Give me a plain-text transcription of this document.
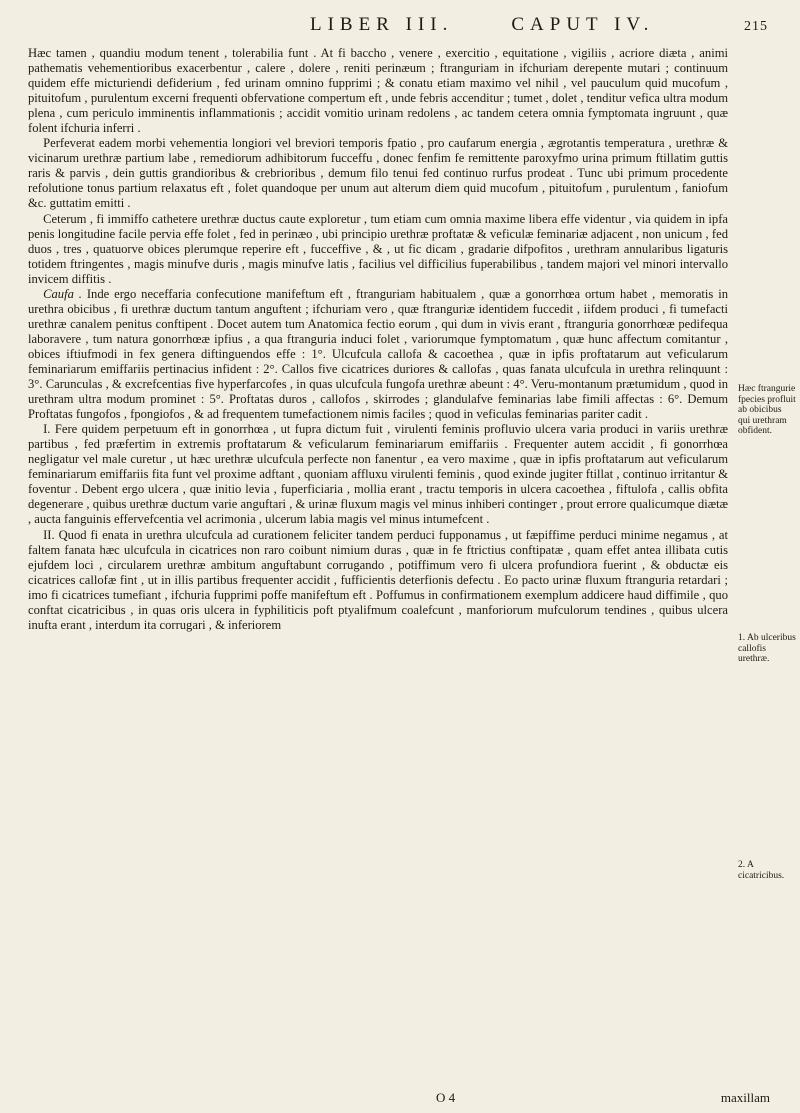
LIBER III.	CAPUT IV.	215

Hæc tamen , quandiu modum tenent , tolerabilia funt . At fi baccho , venere , exercitio , equitatione , vigiliis , acriore diæta , animi pathematis vehementioribus exacerbentur , calere , dolere , reniti perinæum ; ftranguriam in ifchuriam derepente mutari ; continuum quidem effe micturiendi defiderium , fed urinam omnino fupprimi ; & conatu etiam maximo vel nihil , vel pauculum quid mucofum , pituitofum , purulentum excerni frequenti obfervatione compertum eft , unde febris accenditur ; tumet , dolet , tenditur vefica ultra modum plena , cum periculo imminentis inflammationis ; accidit vomitio urinam redolens , ac tandem cetera omnia fymptomata ingruunt , quæ folent ifchuria inferri .

Perfeverat eadem morbi vehementia longiori vel breviori temporis fpatio , pro caufarum energia , ægrotantis temperatura , urethræ & vicinarum urethræ partium labe , remediorum adhibitorum fucceffu , donec fenfim fe remittente paroxyfmo urina primum ftillatim guttis raris & parvis , dein guttis grandioribus & crebrioribus , demum filo tenui fed continuo rurfus prodeat . Tunc ubi primum procedente refolutione tonus partium relaxatus eft , folet quandoque per unum aut alterum diem quid mucofum , pituitofum , purulentum , faniofum &c. guttatim emitti .

Ceterum , fi immiffo cathetere urethræ ductus caute exploretur , tum etiam cum omnia maxime libera effe videntur , via quidem in ipfa penis longitudine facile pervia effe folet , fed in perinæo , ubi principio urethræ proftatæ & veficulæ feminariæ adjacent , non unicum , fed duos , tres , quatuorve obices plerumque reperire eft , fucceffive , & , ut fic dicam , gradarie difpofitos , urethram annularibus ligaturis totidem ftringentes , magis minufve duris , magis minufve latis , facilius vel difficilius fuperabilibus , tandem majori vel minori intervallo invicem diffitis .

Caufa . Inde ergo neceffaria confecutione manifeftum eft , ftranguriam habitualem , quæ a gonorrhœa ortum habet , memoratis in urethra obicibus , fi urethræ ductum tantum anguftent ; ifchuriam vero , quæ ftranguriæ identidem fuccedit , iifdem produci , fi tumefacti urethræ canalem penitus conftipent . Docet autem tum Anatomica fectio eorum , qui dum in vivis erant , ftranguria gonorrhœæ pedifequa laboravere , tum natura gonorrhœæ ipfius , a qua ftranguria induci folet , variorumque fymptomatum , quæ hunc affectum comitantur , obices iftiufmodi in fex genera diftinguendos effe : 1°. Ulcufcula callofa & cacoethea , quæ in ipfis proftatarum aut veficularum feminariarum emiffariis pertinacius infident : 2°. Callos five cicatrices duriores & callofas , quas fanata ulcufcula in urethra relinquunt : 3°. Carunculas , & excrefcentias five hyperfarcofes , in quas ulcufcula fungofa urethræ abeunt : 4°. Veru-montanum prætumidum , quod in urethram ultra modum prominet : 5°. Proftatas duros , callofos , skirrodes ; glandulafve feminarias labe fimili affectas : 6°. Demum Proftatas fungofos , fpongiofos , & ad frequentem tumefactionem nimis faciles ; quod in veficulas feminarias pariter cadit .

I. Fere quidem perpetuum eft in gonorrhœa , ut fupra dictum fuit , virulenti feminis profluvio ulcera varia produci in variis urethræ partibus , fed præfertim in extremis proftatarum & veficularum feminariarum emiffariis . Frequenter autem accidit , fi gonorrhœa negligatur vel male curetur , ut hæc urethræ ulcufcula perfecte non fanentur , ea vero maxime , quæ in ipfis proftatarum aut veficularum feminariarum emiffariis fita funt vel proxime adftant , quoniam affluxu virulenti feminis , quod exinde jugiter ftillat , continuo irritantur & foventur . Debent ergo ulcera , quæ initio levia , fuperficiaria , mollia erant , tractu temporis in ulcera cacoethea , fiftulofa , callis obfita degenerare , quibus urethræ ductum varie anguftari , & urinæ fluxum magis vel minus inhiberi contingeт , prout errore qualicumque diætæ , aucta fanguinis effervefcentia vel acrimonia , ulcerum labia magis vel minus intumefcent .

II. Quod fi enata in urethra ulcufcula ad curationem feliciter tandem perduci fupponamus , ut fæpiffime perduci minime negamus , at faltem fanata hæc ulcufcula in cicatrices non raro coibunt nimium duras , quæ in fe ftrictius conftipatæ , quam effet antea illibata cutis ejufdem loci , circularem urethræ ambitum anguftabunt corrugando , potiffimum vero fi ulcera profundiora fuerint , & obductæ eis cicatrices callofæ fint , ut in illis partibus frequenter accidit , fufficientis deterfionis defectu . Eo pacto urinæ fluxum ftranguria retardari ; imo fi cicatrices tumefiant , ifchuria fupprimi poffe manifeftum eft . Poffumus in confirmationem exemplum addicere haud diffimile , quo conftat cicatricibus , in quas oris ulcera in fyphiliticis poft ptyalifmum coalefcunt , manforiorum mufculorum tendines , quibus ulcera inufta erant , interdum ita corrugari , & inferiorem

Hæc ftrangurie fpecies profluit ab obicibus qui urethram obfident.
1. Ab ulceribus callofis urethræ.
2. A cicatricibus.
O 4	maxillam
